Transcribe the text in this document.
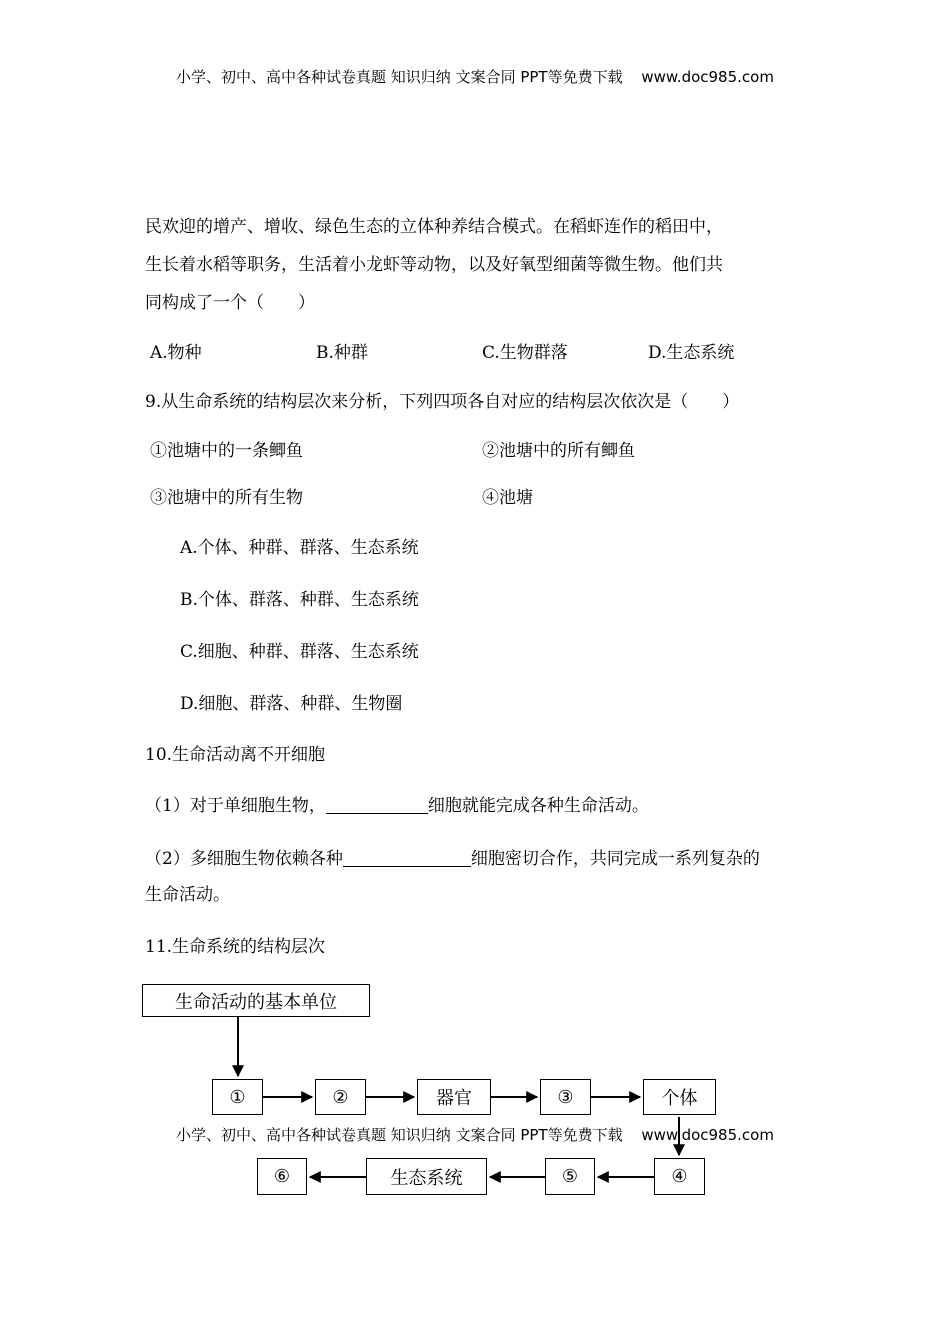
小学、初中、高中各种试卷真题 知识归纳 文案合同 PPT等免费下载 www.doc985.com
民欢迎的增产、增收、绿色生态的立体种养结合模式。在稻虾连作的稻田中，
生长着水稻等职务，生活着小龙虾等动物，以及好氧型细菌等微生物。他们共
同构成了一个（　　）
A.物种	B.种群	C.生物群落	D.生态系统
9.从生命系统的结构层次来分析，下列四项各自对应的结构层次依次是（　　）
①池塘中的一条鲫鱼	②池塘中的所有鲫鱼
③池塘中的所有生物	④池塘
A.个体、种群、群落、生态系统
B.个体、群落、种群、生态系统
C.细胞、种群、群落、生态系统
D.细胞、群落、种群、生物圈
10.生命活动离不开细胞
（1）对于单细胞生物，	细胞就能完成各种生命活动。
（2）多细胞生物依赖各种	细胞密切合作，共同完成一系列复杂的
生命活动。
11.生命系统的结构层次
生命活动的基本单位
①	②	器官	③	个体
小学、初中、高中各种试卷真题 知识归纳 文案合同 PPT等免费下载 www.doc985.com
⑥	生态系统	⑤	④
